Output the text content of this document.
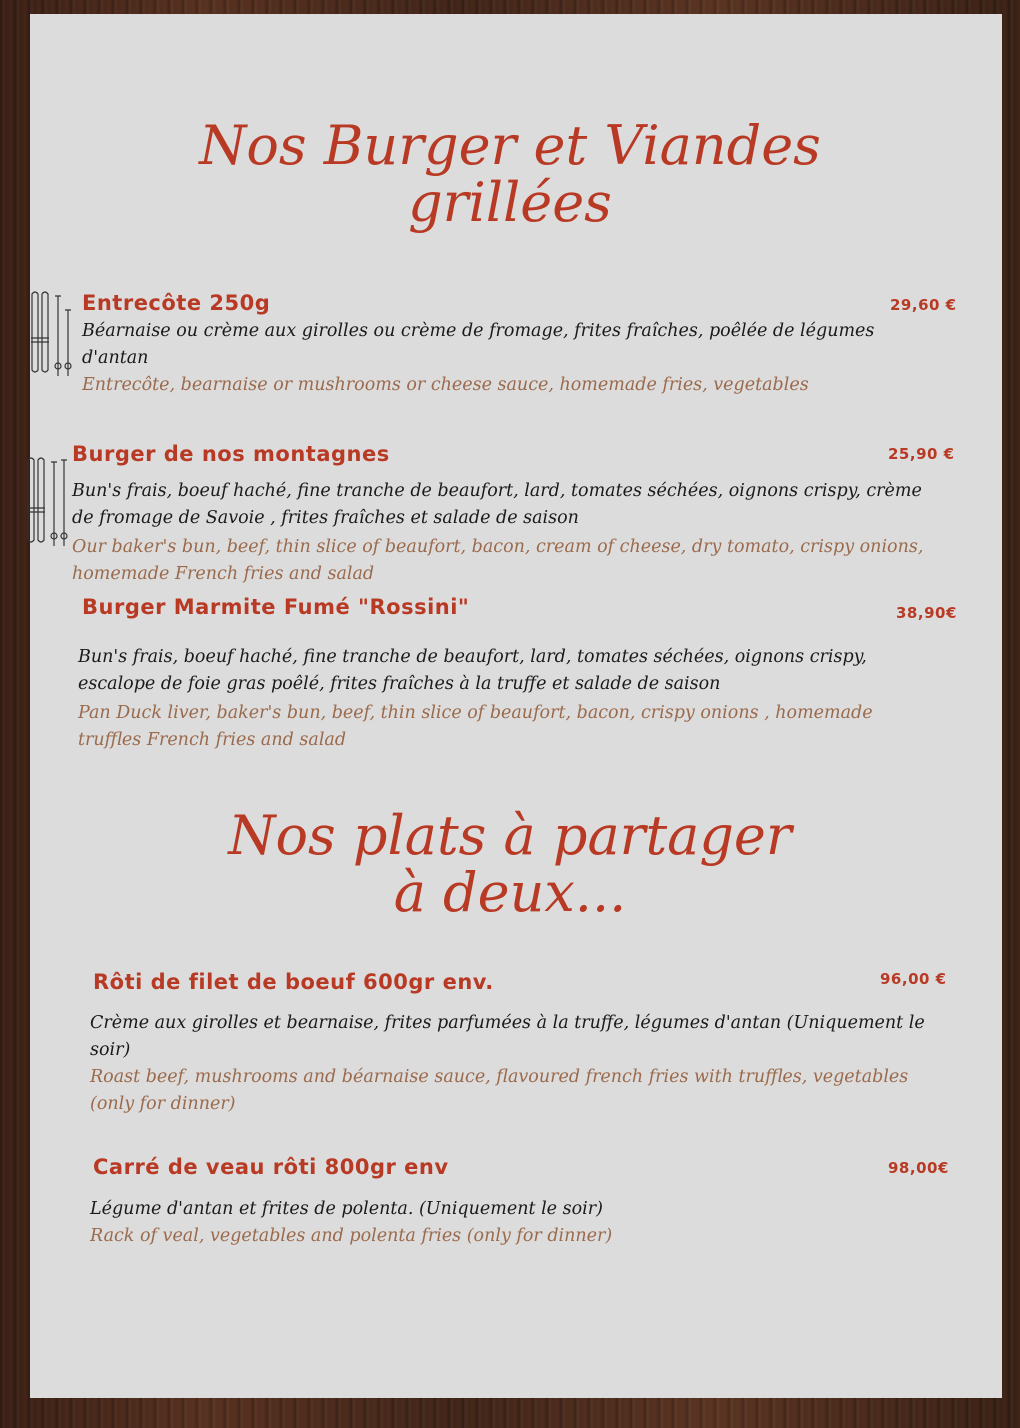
Nos Burger et Viandes
grillées
Entrecôte 250g	29,60 €

Béarnaise ou crème aux girolles ou crème de fromage, frites fraîches, poêlée de légumes d'antan

Entrecôte, bearnaise or mushrooms or cheese sauce, homemade fries, vegetables

Burger de nos montagnes	25,90 €

Bun's frais, boeuf haché, fine tranche de beaufort, lard, tomates séchées, oignons crispy, crème de fromage de Savoie , frites fraîches et salade de saison

Our baker's bun, beef, thin slice of beaufort, bacon, cream of cheese, dry tomato, crispy onions, homemade French fries and salad

Burger Marmite Fumé "Rossini"	38,90€

Bun's frais, boeuf haché, fine tranche de beaufort, lard, tomates séchées, oignons crispy, escalope de foie gras poêlé, frites fraîches à la truffe et salade de saison

Pan Duck liver, baker's bun, beef, thin slice of beaufort, bacon, crispy onions , homemade truffles French fries and salad

Nos plats à partager
à deux...
Rôti de filet de boeuf 600gr env.	96,00 €

Crème aux girolles et bearnaise, frites parfumées à la truffe, légumes d'antan (Uniquement le soir)

Roast beef, mushrooms and béarnaise sauce, flavoured french fries with truffles, vegetables (only for dinner)

Carré de veau rôti 800gr env	98,00€

Légume d'antan et frites de polenta. (Uniquement le soir)

Rack of veal, vegetables and polenta fries (only for dinner)
